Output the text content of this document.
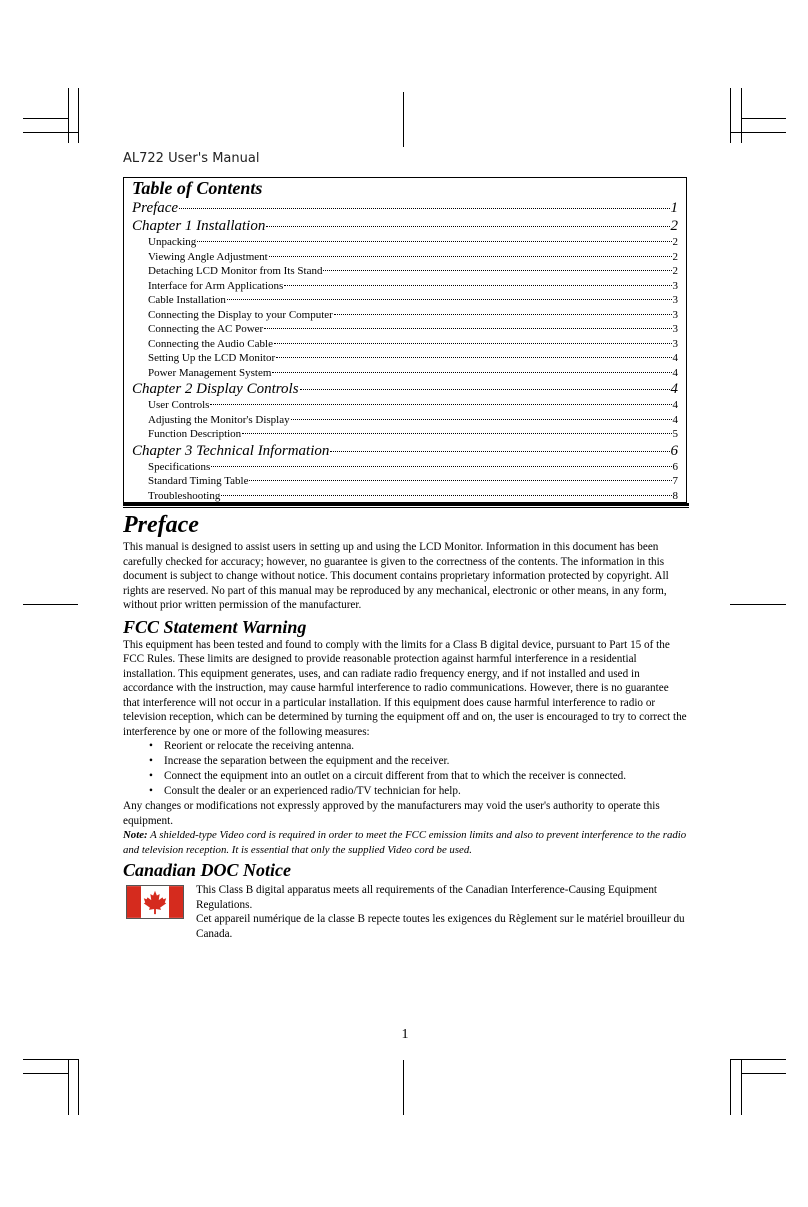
AL722 User's Manual
Table of Contents
Preface	1
Chapter 1 Installation	2
Unpacking	2
Viewing Angle Adjustment	2
Detaching LCD Monitor from Its Stand	2
Interface for Arm Applications	3
Cable Installation	3
Connecting the Display to your Computer	3
Connecting the AC Power	3
Connecting the Audio Cable	3
Setting Up the LCD Monitor	4
Power Management System	4
Chapter 2 Display Controls	4
User Controls	4
Adjusting the Monitor's Display	4
Function Description	5
Chapter 3 Technical Information	6
Specifications	6
Standard Timing Table	7
Troubleshooting	8
Preface

This manual is designed to assist users in setting up and using the LCD Monitor. Information in this document has been carefully checked for accuracy; however, no guarantee is given to the correctness of the contents. The information in this document is subject to change without notice. This document contains proprietary information protected by copyright. All rights are reserved. No part of this manual may be reproduced by any mechanical, electronic or other means, in any form, without prior written permission of the manufacturer.

FCC Statement Warning

This equipment has been tested and found to comply with the limits for a Class B digital device, pursuant to Part 15 of the FCC Rules. These limits are designed to provide reasonable protection against harmful interference in a residential installation. This equipment generates, uses, and can radiate radio frequency energy, and if not installed and used in accordance with the instruction, may cause harmful interference to radio communications. However, there is no guarantee that interference will not occur in a particular installation. If this equipment does cause harmful interference to radio or television reception, which can be determined by turning the equipment off and on, the user is encouraged to try to correct the interference by one or more of the following measures:

• Reorient or relocate the receiving antenna.
• Increase the separation between the equipment and the receiver.
• Connect the equipment into an outlet on a circuit different from that to which the receiver is connected.
• Consult the dealer or an experienced radio/TV technician for help.

Any changes or modifications not expressly approved by the manufacturers may void the user's authority to operate this equipment.

Note: A shielded-type Video cord is required in order to meet the FCC emission limits and also to prevent interference to the radio and television reception. It is essential that only the supplied Video cord be used.

Canadian DOC Notice

This Class B digital apparatus meets all requirements of the Canadian Interference-Causing Equipment Regulations.

Cet appareil numérique de la classe B repecte toutes les exigences du Règlement sur le matériel brouilleur du Canada.

1
